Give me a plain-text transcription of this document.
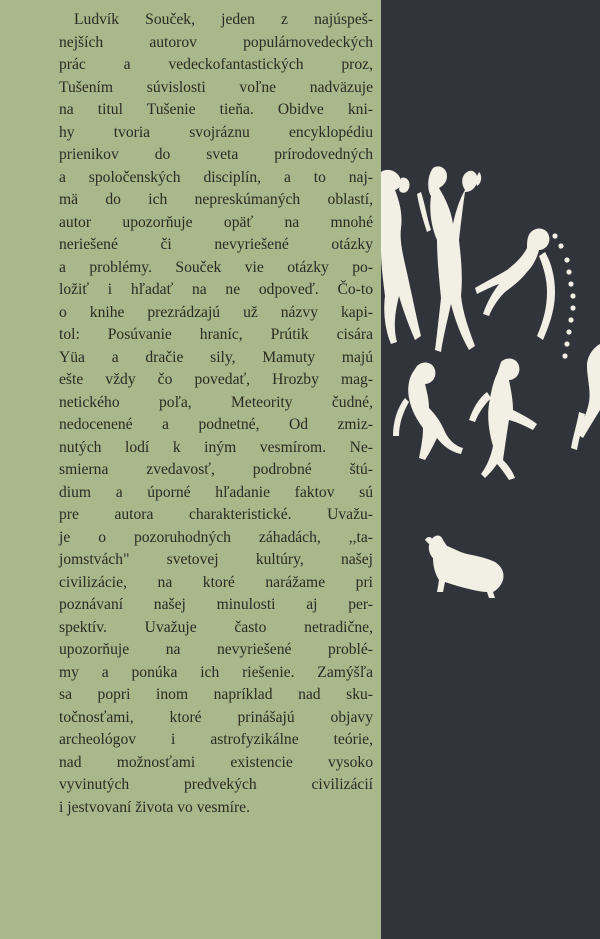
Ludvík Souček, jeden z najúspeš-
nejších autorov populárnovedeckých
prác a vedeckofantastických proz,
Tušením súvislosti voľne nadväzuje
na titul Tušenie tieňa. Obidve kni-
hy tvoria svojráznu encyklopédiu
prienikov do sveta prírodovedných
a spoločenských disciplín, a to naj-
mä do ich nepreskúmaných oblastí,
autor upozorňuje opäť na mnohé
neriešené či nevyriešené otázky
a problémy. Souček vie otázky po-
ložiť i hľadať na ne odpoveď. Čo-to
o knihe prezrádzajú už názvy kapi-
tol: Posúvanie hraníc, Prútik cisára
Yüa a dračie sily, Mamuty majú
ešte vždy čo povedať, Hrozby mag-
netického poľa, Meteority čudné,
nedocenené a podnetné, Od zmiz-
nutých lodí k iným vesmírom. Ne-
smierna zvedavosť, podrobné štú-
dium a úporné hľadanie faktov sú
pre autora charakteristické. Uvažu-
je o pozoruhodných záhadách, ,,ta-
jomstvách" svetovej kultúry, našej
civilizácie, na ktoré narážame pri
poznávaní našej minulosti aj per-
spektív. Uvažuje často netradične,
upozorňuje na nevyriešené problé-
my a ponúka ich riešenie. Zamýšľa
sa popri inom napríklad nad sku-
točnosťami, ktoré prinášajú objavy
archeológov i astrofyzikálne teórie,
nad možnosťami existencie vysoko
vyvinutých predvekých civilizácií
i jestvovaní života vo vesmíre.
